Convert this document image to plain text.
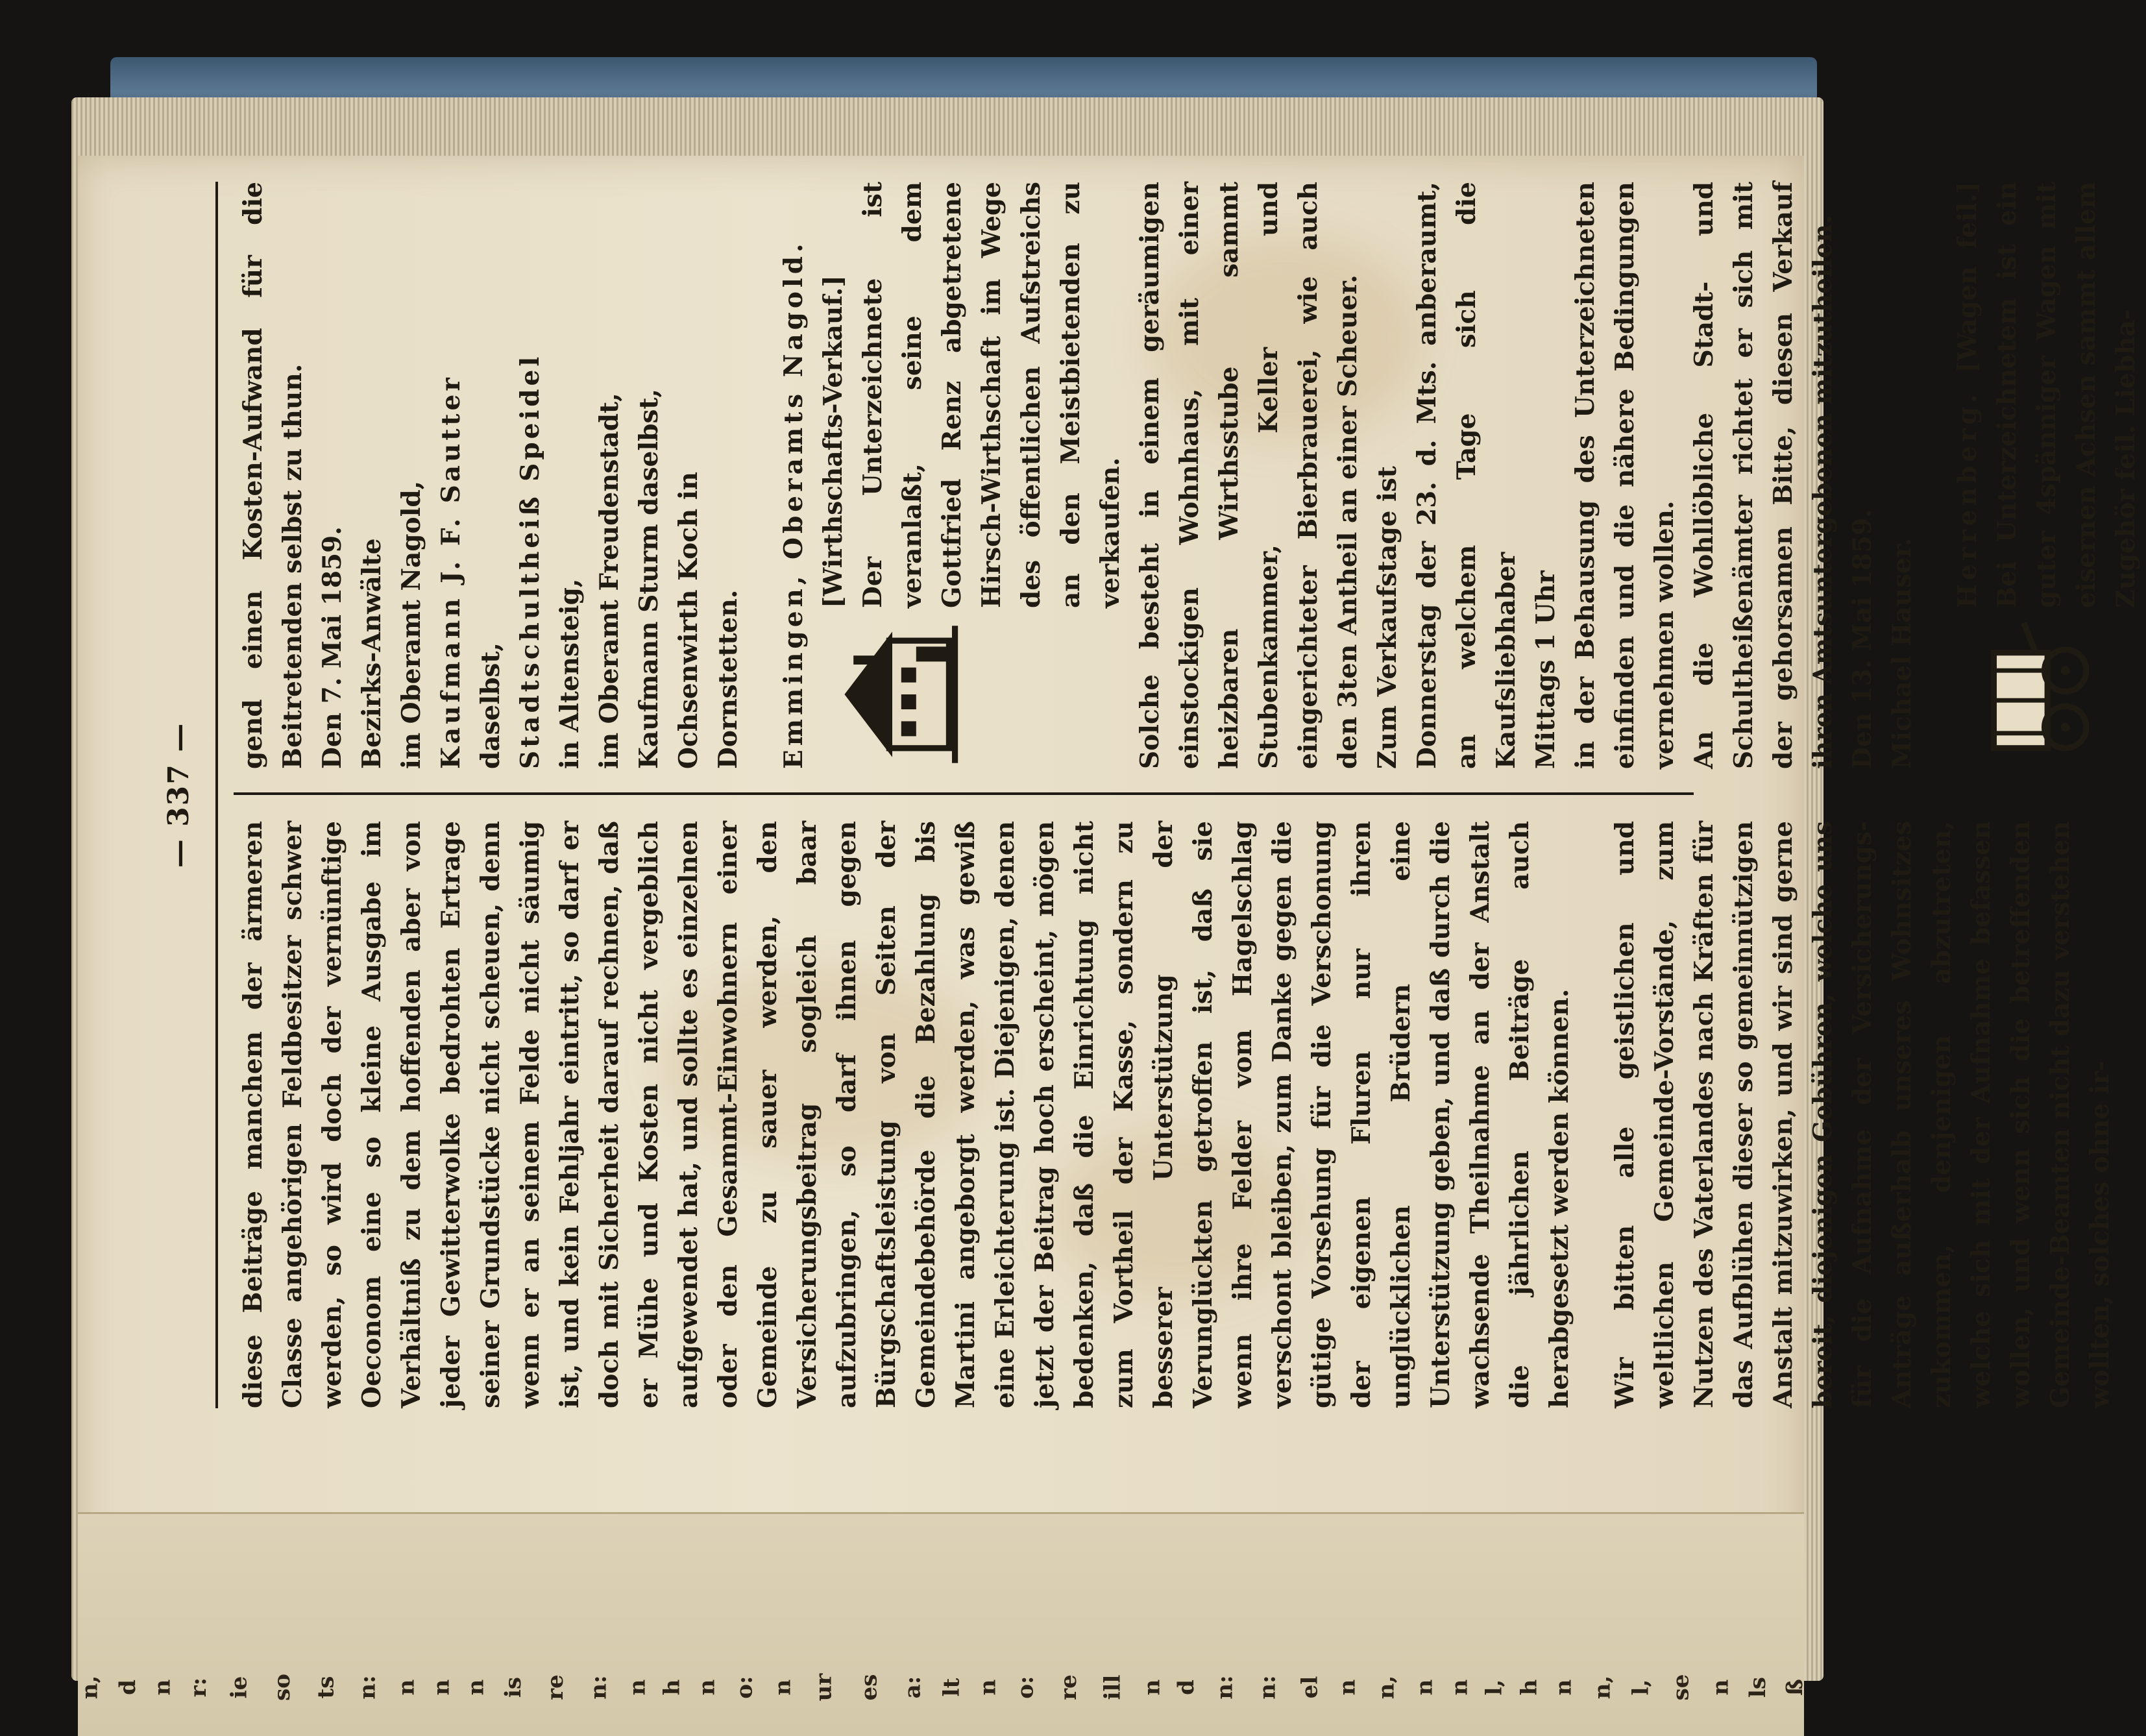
n, d n r: ie so ts n: n n n is re n: n h n o: n ur es a: lt n o: re ill n d n: n: el n n, n n l, h n n, l, se n ls ß
— 337 —

diese Beiträge manchem der ärmeren Classe angehörigen Feldbesitzer schwer werden, so wird doch der vernünftige Oeconom eine so kleine Ausgabe im Verhältniß zu dem hoffenden aber von jeder Gewitterwolke bedrohten Ertrage seiner Grundstücke nicht scheuen, denn wenn er an seinem Felde nicht säumig ist, und kein Fehljahr eintritt, so darf er doch mit Sicherheit darauf rechnen, daß er Mühe und Kosten nicht vergeblich aufgewendet hat, und sollte es einzelnen oder den Gesammt-Einwohnern einer Gemeinde zu sauer werden, den Versicherungsbeitrag sogleich baar aufzubringen, so darf ihnen gegen Bürgschaftsleistung von Seiten der Gemeindebehörde die Bezahlung bis Martini angeborgt werden, was gewiß eine Erleichterung ist. Diejenigen, denen jetzt der Beitrag hoch erscheint, mögen bedenken, daß die Einrichtung nicht zum Vortheil der Kasse, sondern zu besserer Unterstützung der Verunglückten getroffen ist, daß sie wenn ihre Felder vom Hagelschlag verschont bleiben, zum Danke gegen die gütige Vorsehung für die Verschonung der eigenen Fluren nur ihren unglücklichen Brüdern eine Unterstützung geben, und daß durch die wachsende Theilnahme an der Anstalt die jährlichen Beiträge auch herabgesetzt werden können. Wir bitten alle geistlichen und weltlichen Gemeinde-Vorstände, zum Nutzen des Vaterlandes nach Kräften für das Aufblühen dieser so gemeinnützigen Anstalt mitzuwirken, und wir sind gerne bereit, diejenigen Gebühren, welche uns für die Aufnahme der Versicherungs-Anträge außerhalb unseres Wohnsitzes zukommen, denjenigen abzutreten, welche sich mit der Aufnahme befassen wollen, und wenn sich die betreffenden Gemeinde-Beamten nicht dazu verstehen wollten, solches ohne ir-

gend einen Kosten-Aufwand für die Beitretenden selbst zu thun. Den 7. Mai 1859. Bezirks-Anwälte im Oberamt Nagold, Kaufmann J. F. Sautter daselbst, Stadtschultheiß Speidel in Altensteig, im Oberamt Freudenstadt, Kaufmann Sturm daselbst, Ochsenwirth Koch in Dornstetten. Emmingen, Oberamts Nagold. [Wirthschafts-Verkauf.] Der Unterzeichnete ist veranlaßt, seine dem Gottfried Renz abgetretene Hirsch-Wirthschaft im Wege des öffentlichen Aufstreichs an den Meistbietenden zu verkaufen. Solche besteht in einem geräumigen einstockigen Wohnhaus, mit einer heizbaren Wirthsstube sammt Stubenkammer, Keller und eingerichteter Bierbrauerei, wie auch den 3ten Antheil an einer Scheuer. Zum Verkaufstage ist Donnerstag der 23. d. Mts. anberaumt, an welchem Tage sich die Kaufsliebhaber Mittags 1 Uhr in der Behausung des Unterzeichneten einfinden und die nähere Bedingungen vernehmen wollen. An die Wohllöbliche Stadt- und Schultheißenämter richtet er sich mit der gehorsamen Bitte, diesen Verkauf ihren Amtsuntergebenen mitzutheilen. Den 13. Mai 1859. Michael Hauser.

Herrenberg. [Wagen feil.] Bei Unterzeichnetem ist ein guter 4spänniger Wagen mit eisernen Achsen sammt allem Zugehör feil. Liebha-
